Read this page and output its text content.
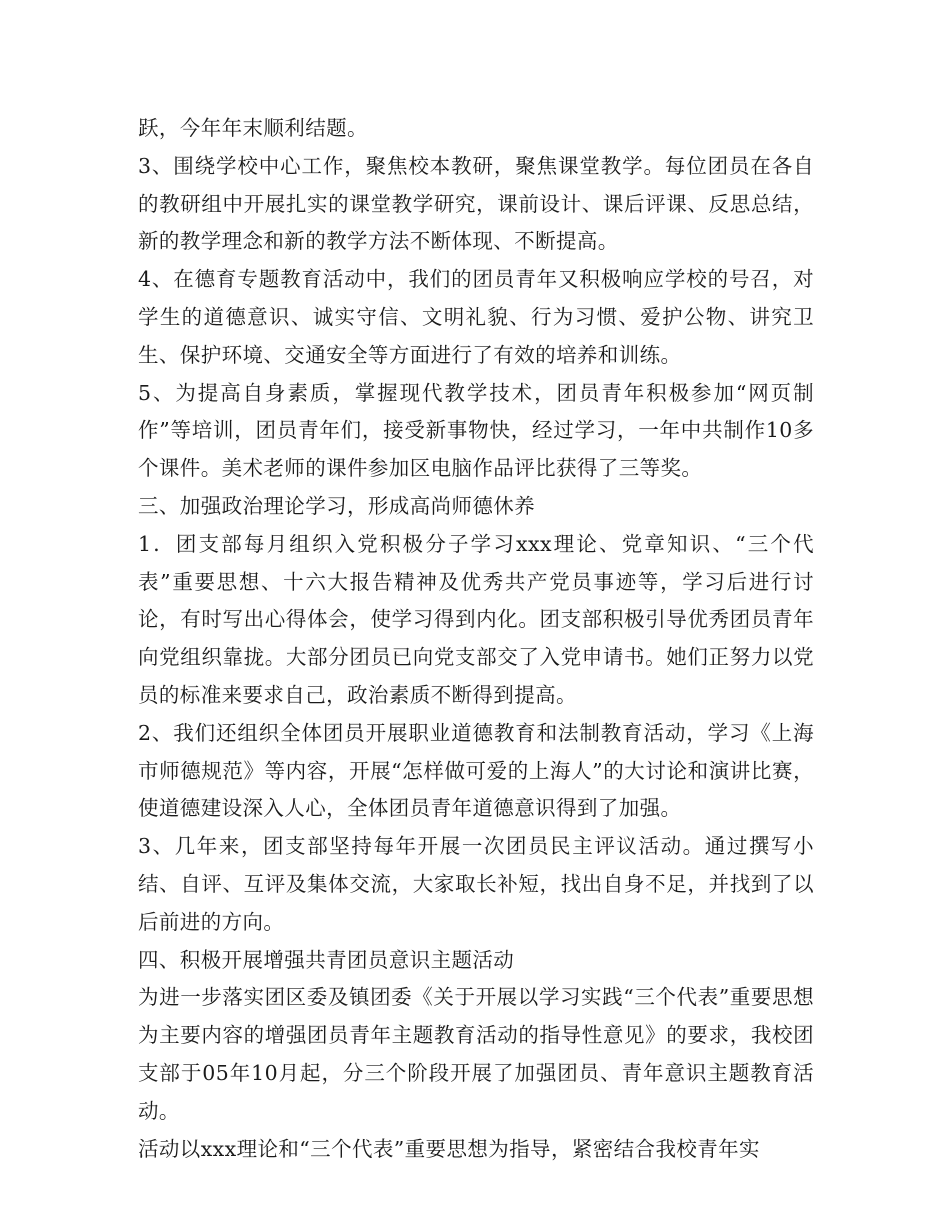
跃，今年年末顺利结题。

3、围绕学校中心工作，聚焦校本教研，聚焦课堂教学。每位团员在各自的教研组中开展扎实的课堂教学研究，课前设计、课后评课、反思总结，新的教学理念和新的教学方法不断体现、不断提高。

4、在德育专题教育活动中，我们的团员青年又积极响应学校的号召，对学生的道德意识、诚实守信、文明礼貌、行为习惯、爱护公物、讲究卫生、保护环境、交通安全等方面进行了有效的培养和训练。

5、为提高自身素质，掌握现代教学技术，团员青年积极参加“网页制作”等培训，团员青年们，接受新事物快，经过学习，一年中共制作10多个课件。美术老师的课件参加区电脑作品评比获得了三等奖。

三、加强政治理论学习，形成高尚师德休养

1．团支部每月组织入党积极分子学习xxx理论、党章知识、“三个代表”重要思想、十六大报告精神及优秀共产党员事迹等，学习后进行讨论，有时写出心得体会，使学习得到内化。团支部积极引导优秀团员青年向党组织靠拢。大部分团员已向党支部交了入党申请书。她们正努力以党员的标准来要求自己，政治素质不断得到提高。

2、我们还组织全体团员开展职业道德教育和法制教育活动，学习《上海市师德规范》等内容，开展“怎样做可爱的上海人”的大讨论和演讲比赛，使道德建设深入人心，全体团员青年道德意识得到了加强。

3、几年来，团支部坚持每年开展一次团员民主评议活动。通过撰写小结、自评、互评及集体交流，大家取长补短，找出自身不足，并找到了以后前进的方向。

四、积极开展增强共青团员意识主题活动

为进一步落实团区委及镇团委《关于开展以学习实践“三个代表”重要思想为主要内容的增强团员青年主题教育活动的指导性意见》的要求，我校团支部于05年10月起，分三个阶段开展了加强团员、青年意识主题教育活动。

活动以xxx理论和“三个代表”重要思想为指导，紧密结合我校青年实
